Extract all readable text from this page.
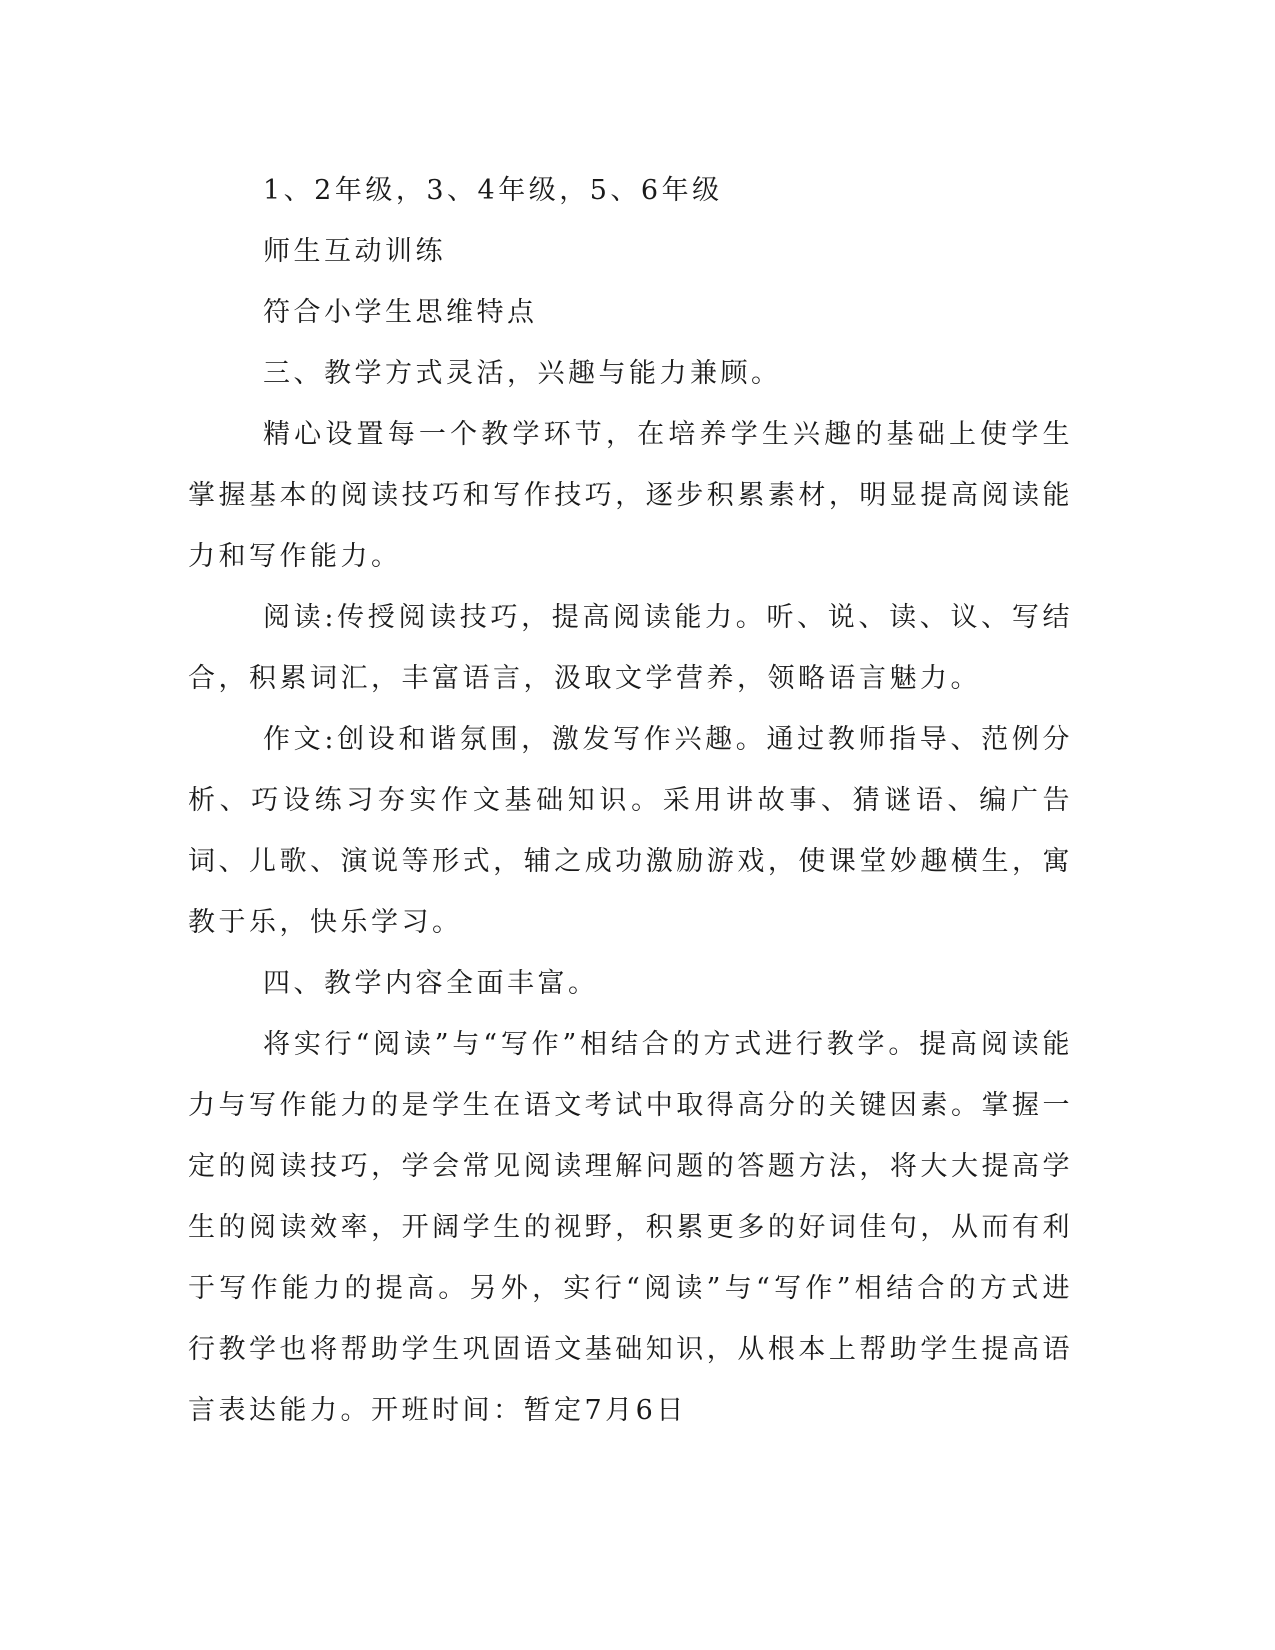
1、2年级，3、4年级，5、6年级

师生互动训练

符合小学生思维特点

三、教学方式灵活，兴趣与能力兼顾。

精心设置每一个教学环节，在培养学生兴趣的基础上使学生掌握基本的阅读技巧和写作技巧，逐步积累素材，明显提高阅读能力和写作能力。

阅读:传授阅读技巧，提高阅读能力。听、说、读、议、写结合，积累词汇，丰富语言，汲取文学营养，领略语言魅力。

作文:创设和谐氛围，激发写作兴趣。通过教师指导、范例分析、巧设练习夯实作文基础知识。采用讲故事、猜谜语、编广告词、儿歌、演说等形式，辅之成功激励游戏，使课堂妙趣横生，寓教于乐，快乐学习。

四、教学内容全面丰富。

将实行“阅读”与“写作”相结合的方式进行教学。提高阅读能力与写作能力的是学生在语文考试中取得高分的关键因素。掌握一定的阅读技巧，学会常见阅读理解问题的答题方法，将大大提高学生的阅读效率，开阔学生的视野，积累更多的好词佳句，从而有利于写作能力的提高。另外，实行“阅读”与“写作”相结合的方式进行教学也将帮助学生巩固语文基础知识，从根本上帮助学生提高语言表达能力。开班时间：暂定7月6日
